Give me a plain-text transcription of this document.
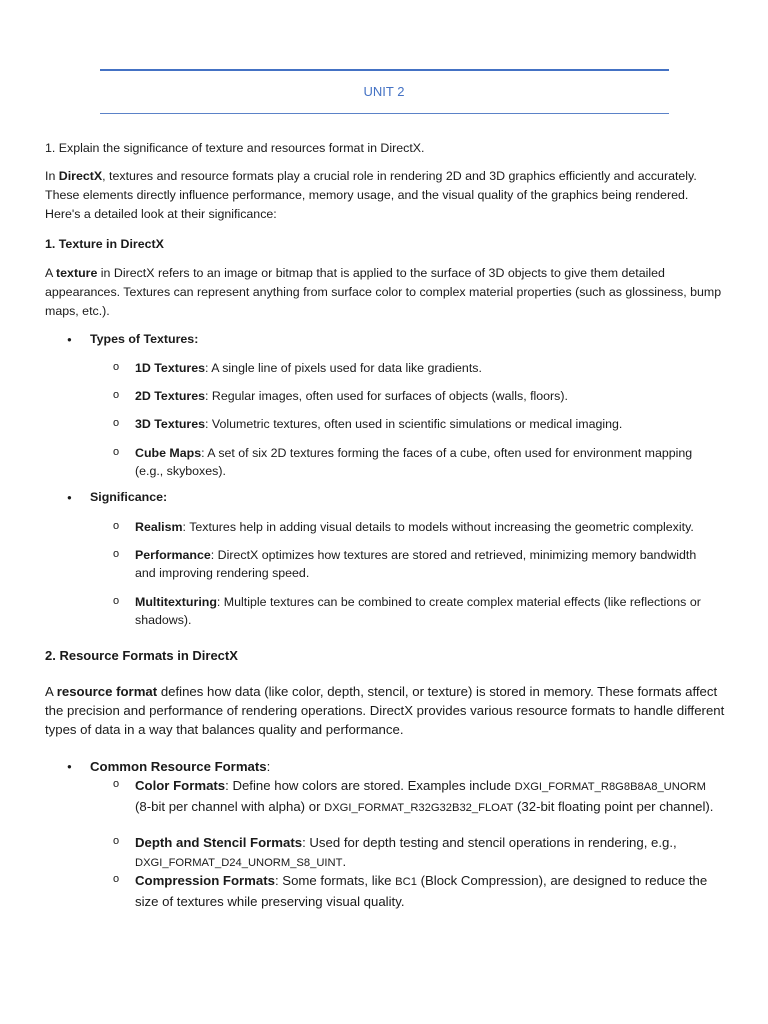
UNIT 2

1. Explain the significance of texture and resources format in DirectX.

In DirectX, textures and resource formats play a crucial role in rendering 2D and 3D graphics efficiently and accurately. These elements directly influence performance, memory usage, and the visual quality of the graphics being rendered. Here's a detailed look at their significance:

1. Texture in DirectX

A texture in DirectX refers to an image or bitmap that is applied to the surface of 3D objects to give them detailed appearances. Textures can represent anything from surface color to complex material properties (such as glossiness, bump maps, etc.).

● Types of Textures:
o 1D Textures: A single line of pixels used for data like gradients.
o 2D Textures: Regular images, often used for surfaces of objects (walls, floors).
o 3D Textures: Volumetric textures, often used in scientific simulations or medical imaging.
o Cube Maps: A set of six 2D textures forming the faces of a cube, often used for environment mapping (e.g., skyboxes).
● Significance:
o Realism: Textures help in adding visual details to models without increasing the geometric complexity.
o Performance: DirectX optimizes how textures are stored and retrieved, minimizing memory bandwidth and improving rendering speed.
o Multitexturing: Multiple textures can be combined to create complex material effects (like reflections or shadows).

2. Resource Formats in DirectX

A resource format defines how data (like color, depth, stencil, or texture) is stored in memory. These formats affect the precision and performance of rendering operations. DirectX provides various resource formats to handle different types of data in a way that balances quality and performance.

● Common Resource Formats:
o Color Formats: Define how colors are stored. Examples include DXGI_FORMAT_R8G8B8A8_UNORM (8-bit per channel with alpha) or DXGI_FORMAT_R32G32B32_FLOAT (32-bit floating point per channel).
o Depth and Stencil Formats: Used for depth testing and stencil operations in rendering, e.g., DXGI_FORMAT_D24_UNORM_S8_UINT.
o Compression Formats: Some formats, like BC1 (Block Compression), are designed to reduce the size of textures while preserving visual quality.
